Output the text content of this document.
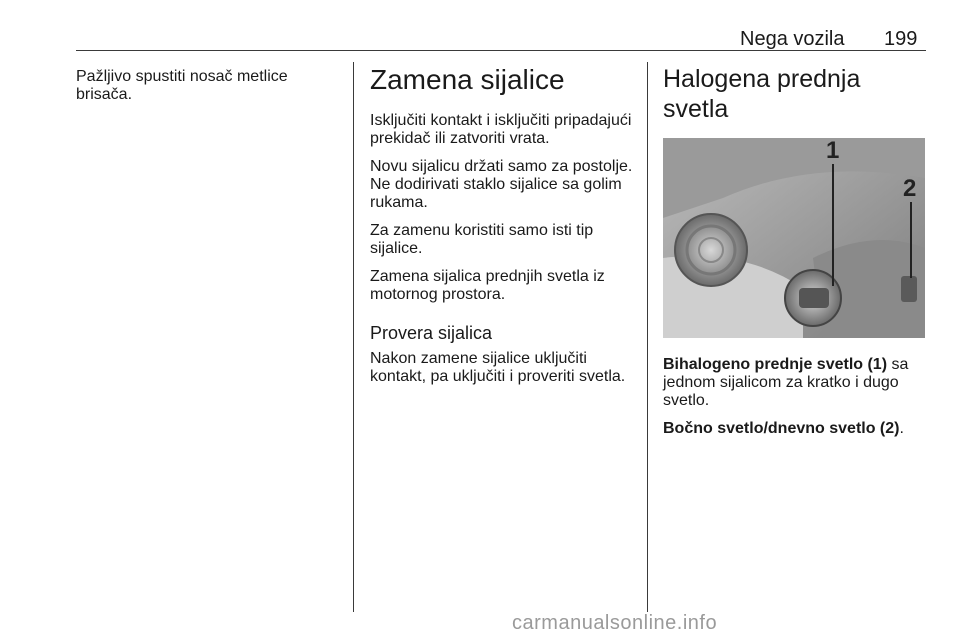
Nega vozila 199

Pažljivo spustiti nosač metlice brisača.	Zamena sijalice

Isključiti kontakt i isključiti pripadajući prekidač ili zatvoriti vrata.

Novu sijalicu držati samo za postolje. Ne dodirivati staklo sijalice sa golim rukama.

Za zamenu koristiti samo isti tip sijalice.

Zamena sijalica prednjih svetla iz motornog prostora.

Provera sijalica

Nakon zamene sijalice uključiti kontakt, pa uključiti i proveriti svetla.

Halogena prednja svetla
1
2

Bihalogeno prednje svetlo (1) sa jednom sijalicom za kratko i dugo svetlo.

Bočno svetlo/dnevno svetlo (2).

carmanualsonline.info
